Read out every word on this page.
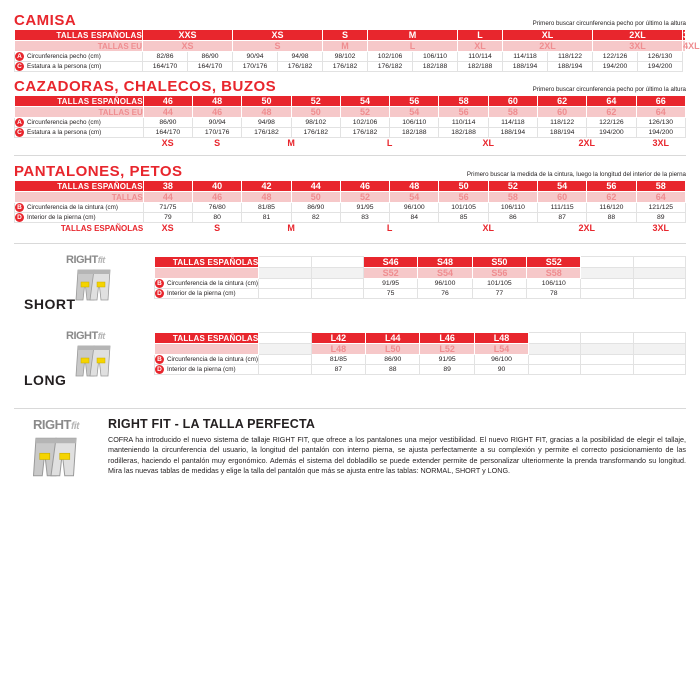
CAMISA	Primero buscar circunferencia pecho por último la altura
TALLAS ESPAÑOLAS	XXS		XS		S	M		L	XL		2XL		3XL
TALLAS EU	XS		S		M	L		XL	2XL		3XL		4XL
A Circunferencia pecho (cm)	82/86	86/90	90/94	94/98	98/102	102/106	106/110	110/114	114/118	118/122	122/126	126/130	
C Estatura a la persona (cm)	164/170	164/170	170/176	176/182	176/182	176/182	182/188	182/188	188/194	188/194	194/200	194/200	
CAZADORAS, CHALECOS, BUZOS	Primero buscar circunferencia pecho por último la altura
TALLAS ESPAÑOLAS	46	48	50	52	54	56	58	60	62	64	66
TALLAS EU	44	46	48	50	52	54	56	58	60	62	64
A Circunferencia pecho (cm)	86/90	90/94	94/98	98/102	102/106	106/110	110/114	114/118	118/122	122/126	126/130
C Estatura a la persona (cm)	164/170	170/176	176/182	176/182	176/182	182/188	182/188	188/194	188/194	194/200	194/200
	XS	S	M		L		XL		2XL		3XL
PANTALONES, PETOS	Primero buscar la medida de la cintura, luego la longitud del interior de la pierna
TALLAS ESPAÑOLAS	38	40	42	44	46	48	50	52	54	56	58
TALLAS	44	46	48	50	52	54	56	58	60	62	64
B Circunferencia de la cintura (cm)	71/75	76/80	81/85	86/90	91/95	96/100	101/105	106/110	111/115	116/120	121/125
D Interior de la pierna (cm)	79	80	81	82	83	84	85	86	87	88	89
TALLAS ESPAÑOLAS	XS	S	M		L		XL		2XL		3XL
RIGHTfit
SHORT
TALLAS ESPAÑOLAS			S46	S48	S50	S52		
			S52	S54	S56	S58		
B Circunferencia de la cintura (cm)			91/95	96/100	101/105	106/110		
D Interior de la pierna (cm)			75	76	77	78		
RIGHTfit
LONG
TALLAS ESPAÑOLAS		L42	L44	L46	L48			
		L48	L50	L52	L54			
B Circunferencia de la cintura (cm)		81/85	86/90	91/95	96/100			
D Interior de la pierna (cm)		87	88	89	90			
RIGHTfit	RIGHT FIT - LA TALLA PERFECTA
COFRA ha introducido el nuevo sistema de tallaje RIGHT FIT, que ofrece a los pantalones una mejor vestibilidad. El nuevo RIGHT FIT, gracias a la posibilidad de elegir el tallaje, manteniendo la circunferencia del usuario, la longitud del pantalón con interno pierna, se ajusta perfectamente a su complexión y permite el correcto posicionamiento de las rodilleras, haciendo el pantalón muy ergonómico. Además el sistema del dobladillo se puede extender permite de personalizar ulteriormente la prenda transformando su longitud. Mira las nuevas tablas de medidas y elige la talla del pantalón que más se ajusta entre las tablas: NORMAL, SHORT y LONG.
